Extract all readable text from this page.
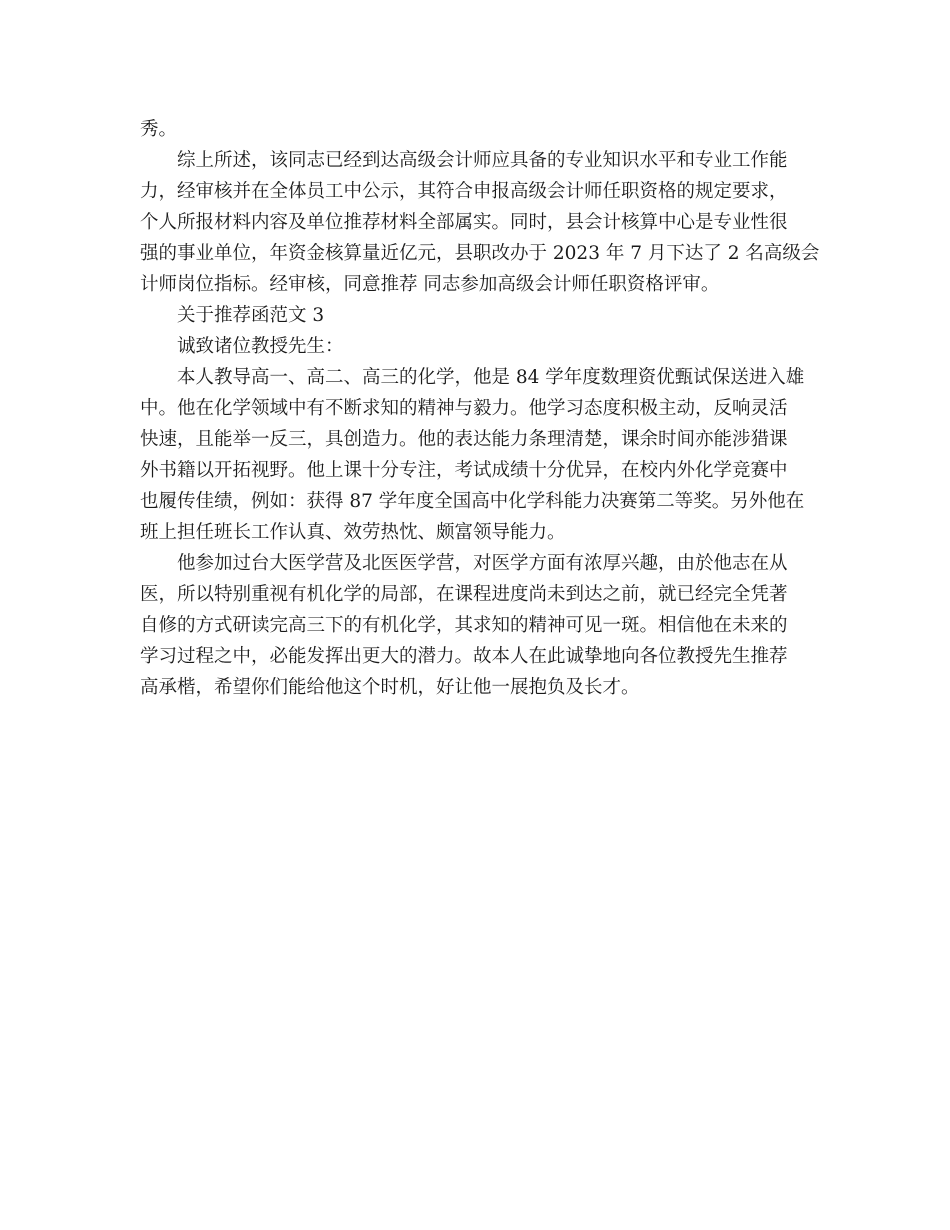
秀。
综上所述，该同志已经到达高级会计师应具备的专业知识水平和专业工作能
力，经审核并在全体员工中公示，其符合申报高级会计师任职资格的规定要求，
个人所报材料内容及单位推荐材料全部属实。同时，县会计核算中心是专业性很
强的事业单位，年资金核算量近亿元，县职改办于 2023 年 7 月下达了 2 名高级会
计师岗位指标。经审核，同意推荐 同志参加高级会计师任职资格评审。
关于推荐函范文 3
诚致诸位教授先生：
本人教导高一、高二、高三的化学，他是 84 学年度数理资优甄试保送进入雄
中。他在化学领域中有不断求知的精神与毅力。他学习态度积极主动，反响灵活
快速，且能举一反三，具创造力。他的表达能力条理清楚，课余时间亦能涉猎课
外书籍以开拓视野。他上课十分专注，考试成绩十分优异，在校内外化学竞赛中
也履传佳绩，例如：获得 87 学年度全国高中化学科能力决赛第二等奖。另外他在
班上担任班长工作认真、效劳热忱、颇富领导能力。
他参加过台大医学营及北医医学营，对医学方面有浓厚兴趣，由於他志在从
医，所以特别重视有机化学的局部，在课程进度尚未到达之前，就已经完全凭著
自修的方式研读完高三下的有机化学，其求知的精神可见一斑。相信他在未来的
学习过程之中，必能发挥出更大的潜力。故本人在此诚挚地向各位教授先生推荐
高承楷，希望你们能给他这个时机，好让他一展抱负及长才。
